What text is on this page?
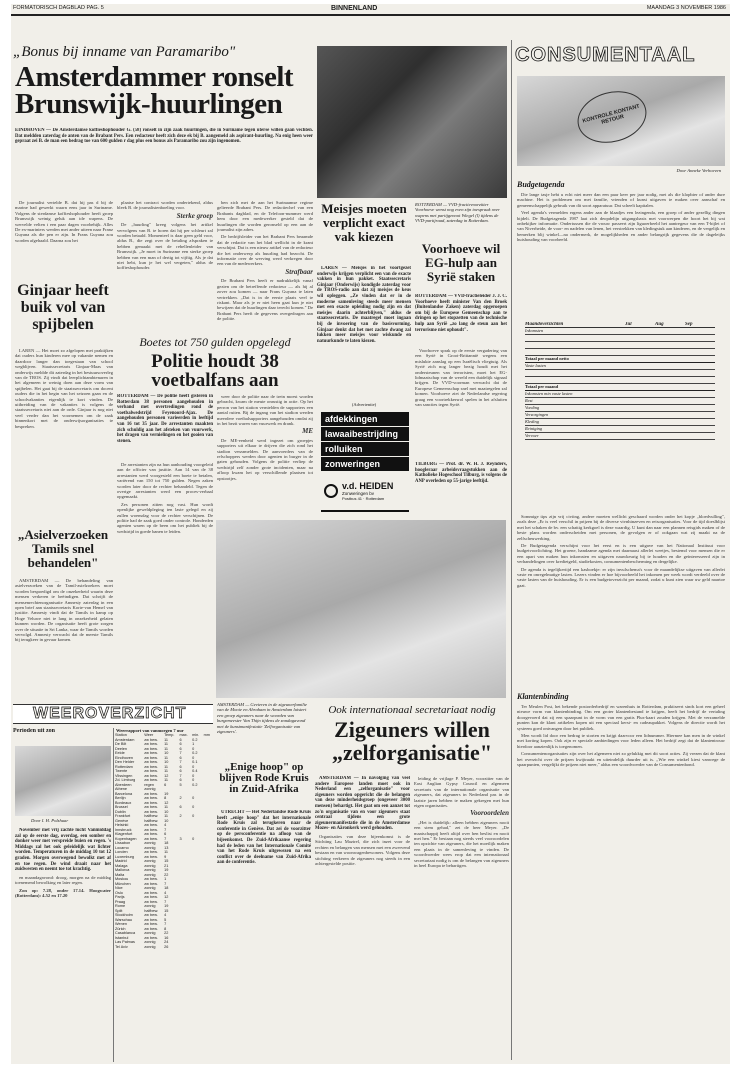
FORMATORISCH DAGBLAD PAG. 5	BINNENLAND	MAANDAG 3 NOVEMBER 1986
„Bonus bij inname van Paramaribo"
Amsterdammer ronselt Brunswijk-huurlingen
EINDHOVEN — De Amsterdamse koffieshophouder G. (58) ronselt in zijn zaak huurlingen, die in Suriname tegen uterse willen gaan vechten. Dat meldden zaterdag de anten van de Brabant Pers. Een redacteur heeft zich deze ek bij B. aangemeld als aspirant-huurling. Na enig heen weer gepraat zei B. de man een bedrag toe van 600 gulden r dag plus een bonus als Paramaribo zou zijn ingenomen.

De journalist vertelde B. dat hij pas d bij de marine had gewerkt waarn eens jaar in Suriname. Volgens de sterdamse koffieshophouder heeft groep Brunswijk weinig geluk aan ide wapens. De wervelde velten t een paar dagen voorbehijk. Alles De ex-mariniers werden met ander uiteen naar Franz Guyana als die pen er zijn. In Frans Guyana zou worden afgehaald. Daarna zou het

plaatse het contract worden ondertekend, aldus bleek B. de journalistenboeling voor.

Sterke groep

De „huurling" kreeg volgens het artikel vervolgens van B. te horen dat hij per schleurt zal worden betaald. Momenteel is daar geen geld voor, aldus B., die zegt over de betaling afspraken te hebben gemaakt met de rebellenleider van Brunswijk. „Je moet in Suriname een sterke groep hebben van een man of dertig tot vijftig. Als je dat niet hebt, kun je het wel vergeten," aldus de koffieshophouder.

ben zich met de aan het Surinaamse regime gelieerde Brabant Pers. De redactiechef van een Brabants dagblad, en de Telefoon-nummer werd hem door een medewerker gesteld dat de huurlingen die worden geronseld op een aan de journalist zijn adres.

De bedrijfsleider van het Brabant Pers beaamde dat de redactie van het blad wellicht in de krant verschijnt. Dat is een nieuw artikel van de redacteur die het onderwerp als huurling had bezocht. De informatie over de werving werd verkregen door een van de medewerkers.

Strafbaar

De Brabant Pers heeft er nadrukkelijk vanaf gezien om de betreffende redacteur — als hij al zover zou komen — naar Frans Guyana te laten vertrekken. „Dat is in de eerste plaats veel te riskant. Maar als je er niet heen gaat kun je niet bewijzen dat de huurlingen daar terecht komen." De Brabant Pers heeft de gegevens overgedragen aan de politie.

Ginjaar heeft buik vol van spijbelen

LAREN — Het moet zo afgelopen met praktijken dat ouders hun kinderen mee op vakantie nemen en daardoor langer dan toegestaan van school wegblijven. Staatssecretaris Ginjaar-Maas van onderwijs meldde dit zaterdag in het bestuursoverleg van de TROS. Zij vindt dat leerplichtambtenaren in het algemeen te weinig doen aan deze vorm van spijbelen. Het gaat bij de staatssecretaris om docent ouders die in het begin van het seizoen gaan en de schoolvakanties eigenlijk te kort vinden. De uitbreiding van de vakanties is volgens de staatssecretaris niet aan de orde. Ginjaar is nog niet veel verder dan het voornemen om de zaak binnenkort met de onderwijsorganisaties te bespreken.

„Asielverzoeken Tamils snel behandelen"

AMSTERDAM — De behandeling van asielverzoeken van de Tamil-asielzoekers moet worden bespoedigd om de onzekerheid waarin deze mensen verkeren te beëindigen. Dat schrijft de mensenrechtenorganisatie Amnesty zaterdag in een open brief aan staatssecretaris Korte-van Hemel van justitie. Amnesty vindt dat de Tamils in kamp op Hoge Veluwe niet te lang in onzekerheid gelaten kunnen worden. De organisatie heeft grote zorgen over de situatie in Sri Lanka, waar de Tamils worden vervolgd. Amnesty verwacht dat de meeste Tamils bij terugkeer in gevaar komen.

Boetes tot 750 gulden opgelegd
Politie houdt 38 voetbalfans aan
ROTTERDAM — De politie heeft gisteren in Rotterdam 38 personen aangehouden in verband met overtredingen rond de voetbalwedstrijd Feyenoord-Ajax. De aangehouden personen varieerden in leeftijd van 16 tot 35 jaar. De arrestanten maakten zich schuldig aan het afsteken van vuurwerk, het dragen van vernielingen en het gooien van stenen.

De arrestanten zijn na hun aanhouding voorgeleid aan de officier van justitie. Aan 14 van de 38 arrestanten werd voorgesteld een boete te betalen, variërend van 150 tot 750 gulden. Negen zaken worden later door de rechter behandeld. Tegen de overige arrestanten werd een proces-verbaal opgemaakt.

Zes personen zitten nog vast. Hun wordt openlijke geweldpleging ten laste gelegd en zij zullen woensdag voor de rechter verschijnen. De politie had de zaak goed onder controle. Honderden agenten waren op de been om het publiek bij de wedstrijd in goede banen te leiden.

weer door de politie naar de trein moest worden gebracht, kwam de meute onrustig in actie. Op het perron van het station vernielden de supporters een aantal ruiten. Bij de ingang van het stadion werden meerdere voetbalsupporters aangehouden omdat zij in het bezit waren van vuurwerk en drank.

ME

De ME-eenheid werd ingezet om groepjes supporters uit elkaar te drijven die zich rond het stadion verzamelden. De aanvoerders van de relschoppers werden door agenten in burger in de gaten gehouden. Volgens de politie verliep de wedstrijd zelf zonder grote incidenten, maar na afloop kwam het op verschillende plaatsen tot opstootjes.

Meisjes moeten verplicht exact vak kiezen

LAREN — Meisjes in het voortgezet onderwijs krijgen verplicht een van de exacte vakken in hun pakket. Staatssecretaris Ginjaar (Onderwijs) kondigde zaterdag voor de TROS-radio aan dat zij meisjes de keus wil opleggen. „Ze vinden dat er in de moderne samenleving steeds meer mensen met een exacte opleiding nodig zijn en dat meisjes daarin achterblijven," aldus de staatssecretaris. De maatregel moet ingaan bij de invoering van de basisvorming. Ginjaar denkt dat het met zachte dwang zal lukken meer meisjes voor wiskunde en natuurkunde te laten kiezen.

ROTTERDAM — VVD-fractievoorzitter Voorhoeve wenst nog even zijn toespraak over wapens met partijgenoot Wiegel (l) tijdens de VVD-partijraad, zaterdag in Rotterdam.
Voorhoeve wil EG-hulp aan Syrië staken
ROTTERDAM — VVD-fractieleider J. J. C. Voorhoeve heeft minister Van den Broek (Buitenlandse Zaken) zaterdag opgeroepen om bij de Europese Gemeenschap aan te dringen op het stopzetten van de technische hulp aan Syrië „zo lang de steun aan het terrorisme niet ophoudt".

Voorhoeve sprak op de eerste vergadering van een Syrië in Groot-Brittannië wegens een mislukte aanslag op een Israëlisch vliegtuig. Als Syrië zich nog langer bezig houdt met het ondersteunen van terroristen, moet het EG-lidmaatschap van de wereld een duidelijk signaal krijgen. De VVD-voorman verwacht dat de Europese Gemeenschap snel met maatregelen zal komen. Voorhoeve ziet de Nederlandse regering graag een voortrekkersrol spelen in het afsluiten van sancties tegen Syrië.

TILBURG — Prof. dr. W. H. J. Reynders, hoogleraar arbeidsvraagstukken aan de Katholieke Hogeschool Tilburg, is volgens de ANP overleden op 55-jarige leeftijd.
(Advertentie)
afdekkingen
lawaaibestrijding
rolluiken
zonweringen
v.d. HEIDEN
Zonweringen bv
Postbus 41 · Rotterdam
CONSUMENTAAL
KONTROLE KONTANT RETOUR
Door Anneke Verhoeven
Budgetagenda

Die lange tasje hebt u echt niet meer dan een paar keer per jaar nodig, met als die klopbier of ander dure machine. Het is problemen om met familie, vrienden of kunst uitgaven te maken over aanschaf en gemeenschappelijk gebruik van dit soort apparatuur. Dat scheelt kapitalen.

Veel agenda's vermelden ergens ander aan de blaadjes een lezingenda, een groep of ander gezellig dingen bijdelt. De Budgetagenda 1987 laat zich deopdelijn uitgangsbasis met voorwerpen die hoort het bij wat onbekijker informatie. Ondertussen die de vrouw passeert zijn liguoerbeeld het aantregeur van een T-bijlet of van Niverheide, de voor- en nadelen van lenen, het verstrekken van kledingstuk aan kinderen, en de vergelijk en bemerken blij winkel—na ondermerk, de mogelijkheden en ander belangrijk gegevens die de dageleijks huishouding van voorbeeld.

Maandoverzichten	Jul	Aug	Sep
Inkomsten
Totaal per maand netto
Vaste lasten
Totaal per maand
Inkomsten min vaste lasten
Rest
Voeding
Verzorgingen
Kleding
Reiniging
Vervoer

Sommige tips zijn vrij civiing, andere moeten wellicht geschaard worden onder het kopje „bloedvulling", zoals deze „Er is veel verschil in prijzen bij de diverse vivnhinzeven en reisorganisaties. Voor de tijd doeslblijst met het schaken de bv. een schattig kerkgoel is deze waardig. U kunt dan naar een plannen reisgids maken of de beste plans worden onderscheiden met personen, de gevolgen er of ookgaan wat zij maakt na de zelfscheuwerking.

De Budgetagenda verschijnt voor het eerst en is een uitgave van het Nationaal Instituut voor budgetvoorlichting. Het groene, handzame agenda met daarnaast allerlei weetjes, bestemd voor mensen die er een apart van maken hun inkomsten en uitgaven nauwkeurig bij te houden en die geïnteresseerd zijn in verhandelingen over kredietgeld, studiekosten, consumentenbescherming en dergelijke.

De agenda is tegelijkertijd een kasboekje: er zijn invulschema's voor de maandelijkse uitgaven van allerlei vaste en onregelmatige lasten. Lezers vinden er hoe bijvoorbeeld het inkomen per week wordt verdeeld over de vaste lasten van de huishouding. Er is een budgetoverzicht per maand, zodat u kunt zien waar uw geld naartoe gaat.

Klantenbinding

Ter Meulen Post, het bekende postorderbedrijf en warenhuis in Rotterdam, praktiseert sinds kort een geheel nieuwe vorm van klantenbinding. Om een groter klantenbestand te krijgen, heeft het bedrijf de vertaling doorgevoerd dat zij een spaarpunt in de vorm van een gratis Plus-kaart zouden krijgen. Met de verzamelde punten kan de klant artikelen kopen uit een speciaal kerst- en cadeaupakket. Volgens de directie wordt het systeem goed ontvangen door het publiek.

Men wordt lid door een bedrag te storten en krijgt daarvoor een lidnummer. Hiermee kan men in de winkel met korting kopen. Ook zijn er speciale aanbiedingen voor leden alleen. Het bedrijf zegt dat de klantentrouw hierdoor aanzienlijk is toegenomen.

Consumentenorganisaties zijn over het algemeen niet zo gelukkig met dit soort acties. Zij vrezen dat de klant het overzicht over de prijzen kwijtraakt en uiteindelijk duurder uit is. „Wie een winkel kiest vanwege de spaarpunten, vergelijkt de prijzen niet meer," aldus een woordvoerder van de Consumentenbond.

WEEROVERZICHT
Perioden uit zon
Door I. H. Polzhuar

November met vrij zachte lucht Vanmiddag zal op de eerste dag, overdag, een somber en donker weer met verspreide buien en regen. 's Middags zal het ook geleidelijk wat lichter worden. Temperaturen in de middag 10 tot 12 graden. Morgen overwegend bewolkt met af en toe regen. De wind draait naar het zuidwesten en neemt toe tot krachtig.

en maandagavond: droog, morgen na de middag toenemend bewolking en later regen.

Zon op: 7.28, onder 17.14. Hoogwater (Rotterdam): 4.52 en 17.20

Weerrapport van vanmorgen 7 uur
Station	Weer	Temp.	max.	min.	mm
Amsterdam	zw bew.	11	6	0.2	
De Bilt	zw bew.	11	6	1	
Deelen	zw bew.	11	6	0	
Eelde	zw bew.	10	7	0.2	
Eindhoven	zw bew.	11	6	0	
Den Helder	zw bew.	10	7	0.1	
Rotterdam	zw bew.	11	6	0	
Twente	zw bew.	11	6	0.4	
Vlissingen	zw bew.	12	7	0	
Zd. Limburg	zw bew.	11	6	0	
Aberdeen	regen	6	5	0.2	
Athene	zonnig				
Barcelona	zw bew.	19			
Berlijn	zw bew.	8	2	0	
Bordeaux	zw bew.	12			
Brussel	zw bew.	11	6	0	
Dublin	zw bew.	10			
Frankfurt	halfbew.	11	2	0	
Genève	halfbew.	10			
Helsinki	zw bew.	4			
Innsbruck	zw bew.	7			
Klagenfurt	zw bew.	6			
Kopenhagen	zw bew.	7	3	0	
Lissabon	zonnig	18			
Locarno	zonnig	13			
Londen	zw bew.	11			
Luxemburg	zw bew.	9			
Madrid	zonnig	15			
Malaga	zonnig	21			
Mallorca	zonnig	19			
Malta	zonnig	22			
Moskou	zw bew.	1			
München	zw bew.	7			
Nice	zonnig	18			
Oslo	zw bew.	4			
Parijs	zw bew.	12			
Praag	zw bew.	7			
Rome	zonnig	19			
Split	halfbew.	15			
Stockholm	zw bew.	4			
Warschau	zw bew.	5			
Wenen	zw bew.	7			
Zürich	zw bew.	8			
Casablanca	zonnig	22			
Istanbul	zw bew.	16			
Las Palmas	zonnig	24			
Tel Aviv	zonnig	26			
AMSTERDAM — Gevieren in de zigeunerfamilie van de Mooie en Abraham in Amsterdam luistert een groep zigeuners naar de woorden van burgemeester Van Thijn tijdens de zondagavond met de kunstmanifestatie 'Zelforganisatie van zigeuners'.
„Enige hoop" op blijven Rode Kruis in Zuid-Afrika

UTRECHT — Het Nederlandse Rode Kruis heeft „enige hoop" dat het internationale Rode Kruis zal terugkeren naar de conferentie in Genève. Dat zei de voorzitter op de persconferentie na afloop van de bijeenkomst. De Zuid-Afrikaanse regering had de leden van het Internationale Comité van het Rode Kruis uitgewezen na een conflict over de deelname van Zuid-Afrika aan de conferentie.

Ook internationaal secretariaat nodig
Zigeuners willen „zelforganisatie"

AMSTERDAM — In navolging van veel andere Europese landen moet ook in Nederland een „zelforganisatie" voor zigeuners worden opgericht die de belangen van deze minderheidsgroep (ongeveer 3000 mensen) behartigt. Het gaat om een aanzet tot zo'n organisatie van en voor zigeuners staat centraal tijdens een grote zigeunermanifestatie die in de Amsterdamse Mozes- en Aäronkerk werd gehouden.

Organisaties van deze bijeenkomst is de Stichting Lau Mazirel, die zich inzet voor de rechten en belangen van mensen met een zwervend bestaan en van woonwagenbewoners. Volgens deze stichting verkeren de zigeuners nog steeds in een achtergestelde positie.

leiding de vrijlage P. Meyer, voorzitter van de East Anglian Gypsy Council en algemeen secretaris van de internationale organisatie van zigeuners, dat zigeuners in Nederland pas in de laatste jaren hebben te maken gekregen met hun eigen organisaties.

Vooroordelen

„Het is duidelijk: alleen hebben zigeuners nooit een stem gehad," zei de heer Meyer. „De maatschappij heeft altijd over hen beslist en nooit met hen." Er bestaan nog steeds veel vooroordelen ten opzichte van zigeuners, die het moeilijk maken een plaats in de samenleving te vinden. De woordvoerder wees erop dat een internationaal secretariaat nodig is om de belangen van zigeuners in heel Europa te behartigen.
